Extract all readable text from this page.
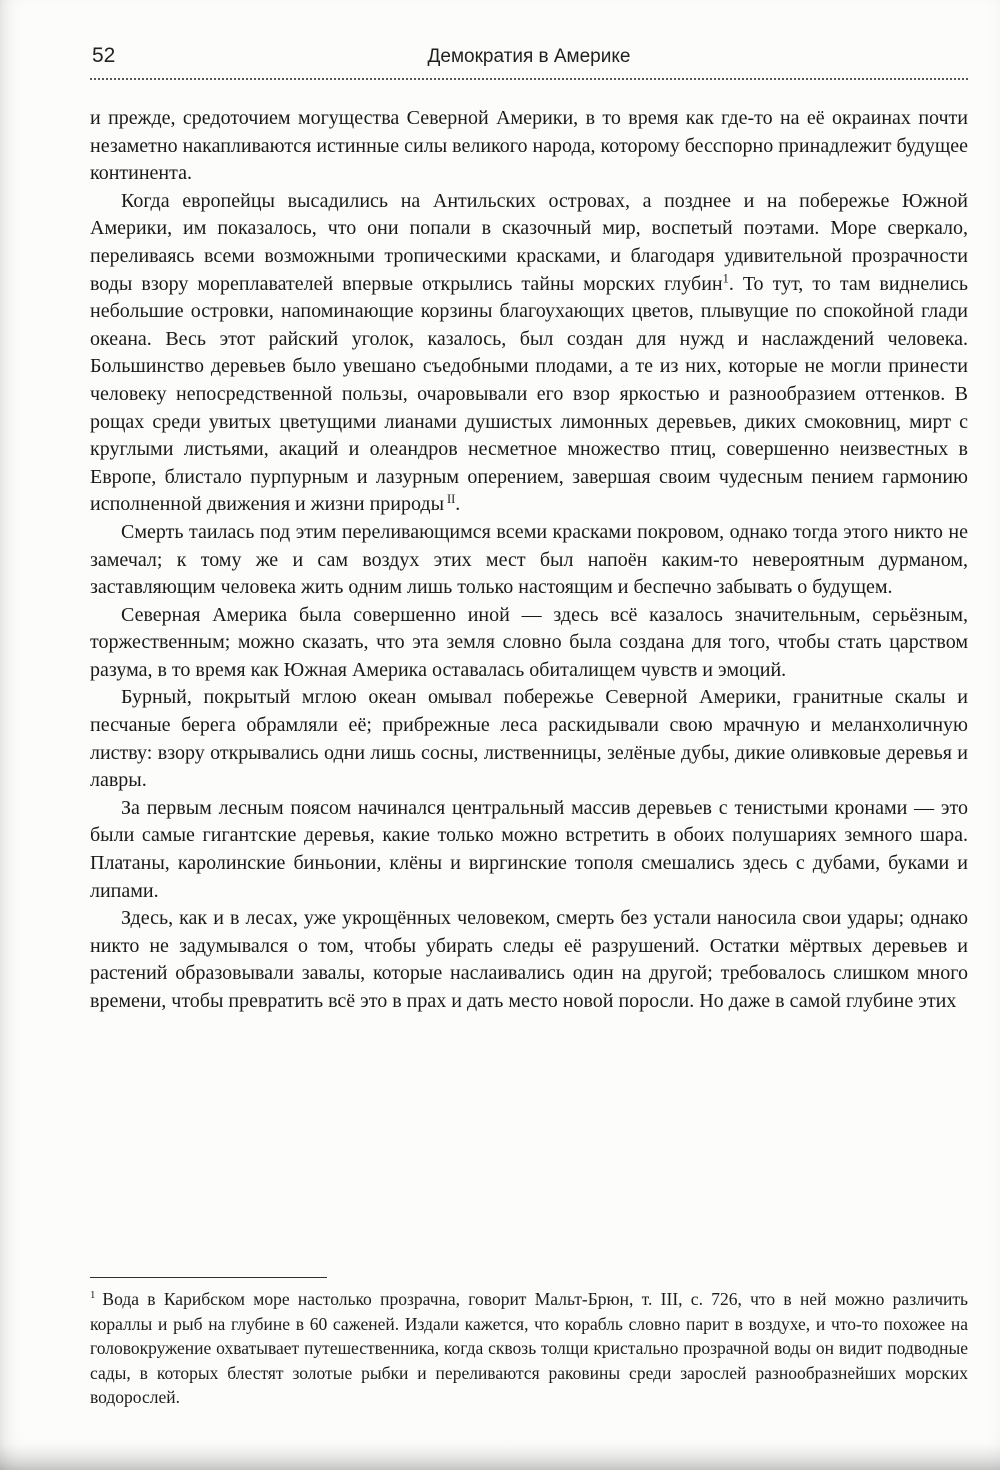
52	Демократия в Америке

и прежде, средоточием могущества Северной Америки, в то время как где-то на её окраинах почти незаметно накапливаются истинные силы великого народа, которому бесспорно принадлежит будущее континента.

Когда европейцы высадились на Антильских островах, а позднее и на побережье Южной Америки, им показалось, что они попали в сказочный мир, воспетый поэтами. Море сверкало, переливаясь всеми возможными тропическими красками, и благодаря удивительной прозрачности воды взору мореплавателей впервые открылись тайны морских глубин$^1$. То тут, то там виднелись небольшие островки, напоминающие корзины благоухающих цветов, плывущие по спокойной глади океана. Весь этот райский уголок, казалось, был создан для нужд и наслаждений человека. Большинство деревьев было увешано съедобными плодами, а те из них, которые не могли принести человеку непосредственной пользы, очаровывали его взор яркостью и разнообразием оттенков. В рощах среди увитых цветущими лианами душистых лимонных деревьев, диких смоковниц, мирт с круглыми листьями, акаций и олеандров несметное множество птиц, совершенно неизвестных в Европе, блистало пурпурным и лазурным оперением, завершая своим чудесным пением гармонию исполненной движения и жизни природы $^{II}$.

Смерть таилась под этим переливающимся всеми красками покровом, однако тогда этого никто не замечал; к тому же и сам воздух этих мест был напоён каким-то невероятным дурманом, заставляющим человека жить одним лишь только настоящим и беспечно забывать о будущем.

Северная Америка была совершенно иной — здесь всё казалось значительным, серьёзным, торжественным; можно сказать, что эта земля словно была создана для того, чтобы стать царством разума, в то время как Южная Америка оставалась обиталищем чувств и эмоций.

Бурный, покрытый мглою океан омывал побережье Северной Америки, гранитные скалы и песчаные берега обрамляли её; прибрежные леса раскидывали свою мрачную и меланхоличную листву: взору открывались одни лишь сосны, лиственницы, зелёные дубы, дикие оливковые деревья и лавры.

За первым лесным поясом начинался центральный массив деревьев с тенистыми кронами — это были самые гигантские деревья, какие только можно встретить в обоих полушариях земного шара. Платаны, каролинские биньонии, клёны и виргинские тополя смешались здесь с дубами, буками и липами.

Здесь, как и в лесах, уже укрощённых человеком, смерть без устали наносила свои удары; однако никто не задумывался о том, чтобы убирать следы её разрушений. Остатки мёртвых деревьев и растений образовывали завалы, которые наслаивались один на другой; требовалось слишком много времени, чтобы превратить всё это в прах и дать место новой поросли. Но даже в самой глубине этих

$^1$ Вода в Карибском море настолько прозрачна, говорит Мальт-Брюн, т. III, с. 726, что в ней можно различить кораллы и рыб на глубине в 60 саженей. Издали кажется, что корабль словно парит в воздухе, и что-то похожее на головокружение охватывает путешественника, когда сквозь толщи кристально прозрачной воды он видит подводные сады, в которых блестят золотые рыбки и переливаются раковины среди зарослей разнообразнейших морских водорослей.
